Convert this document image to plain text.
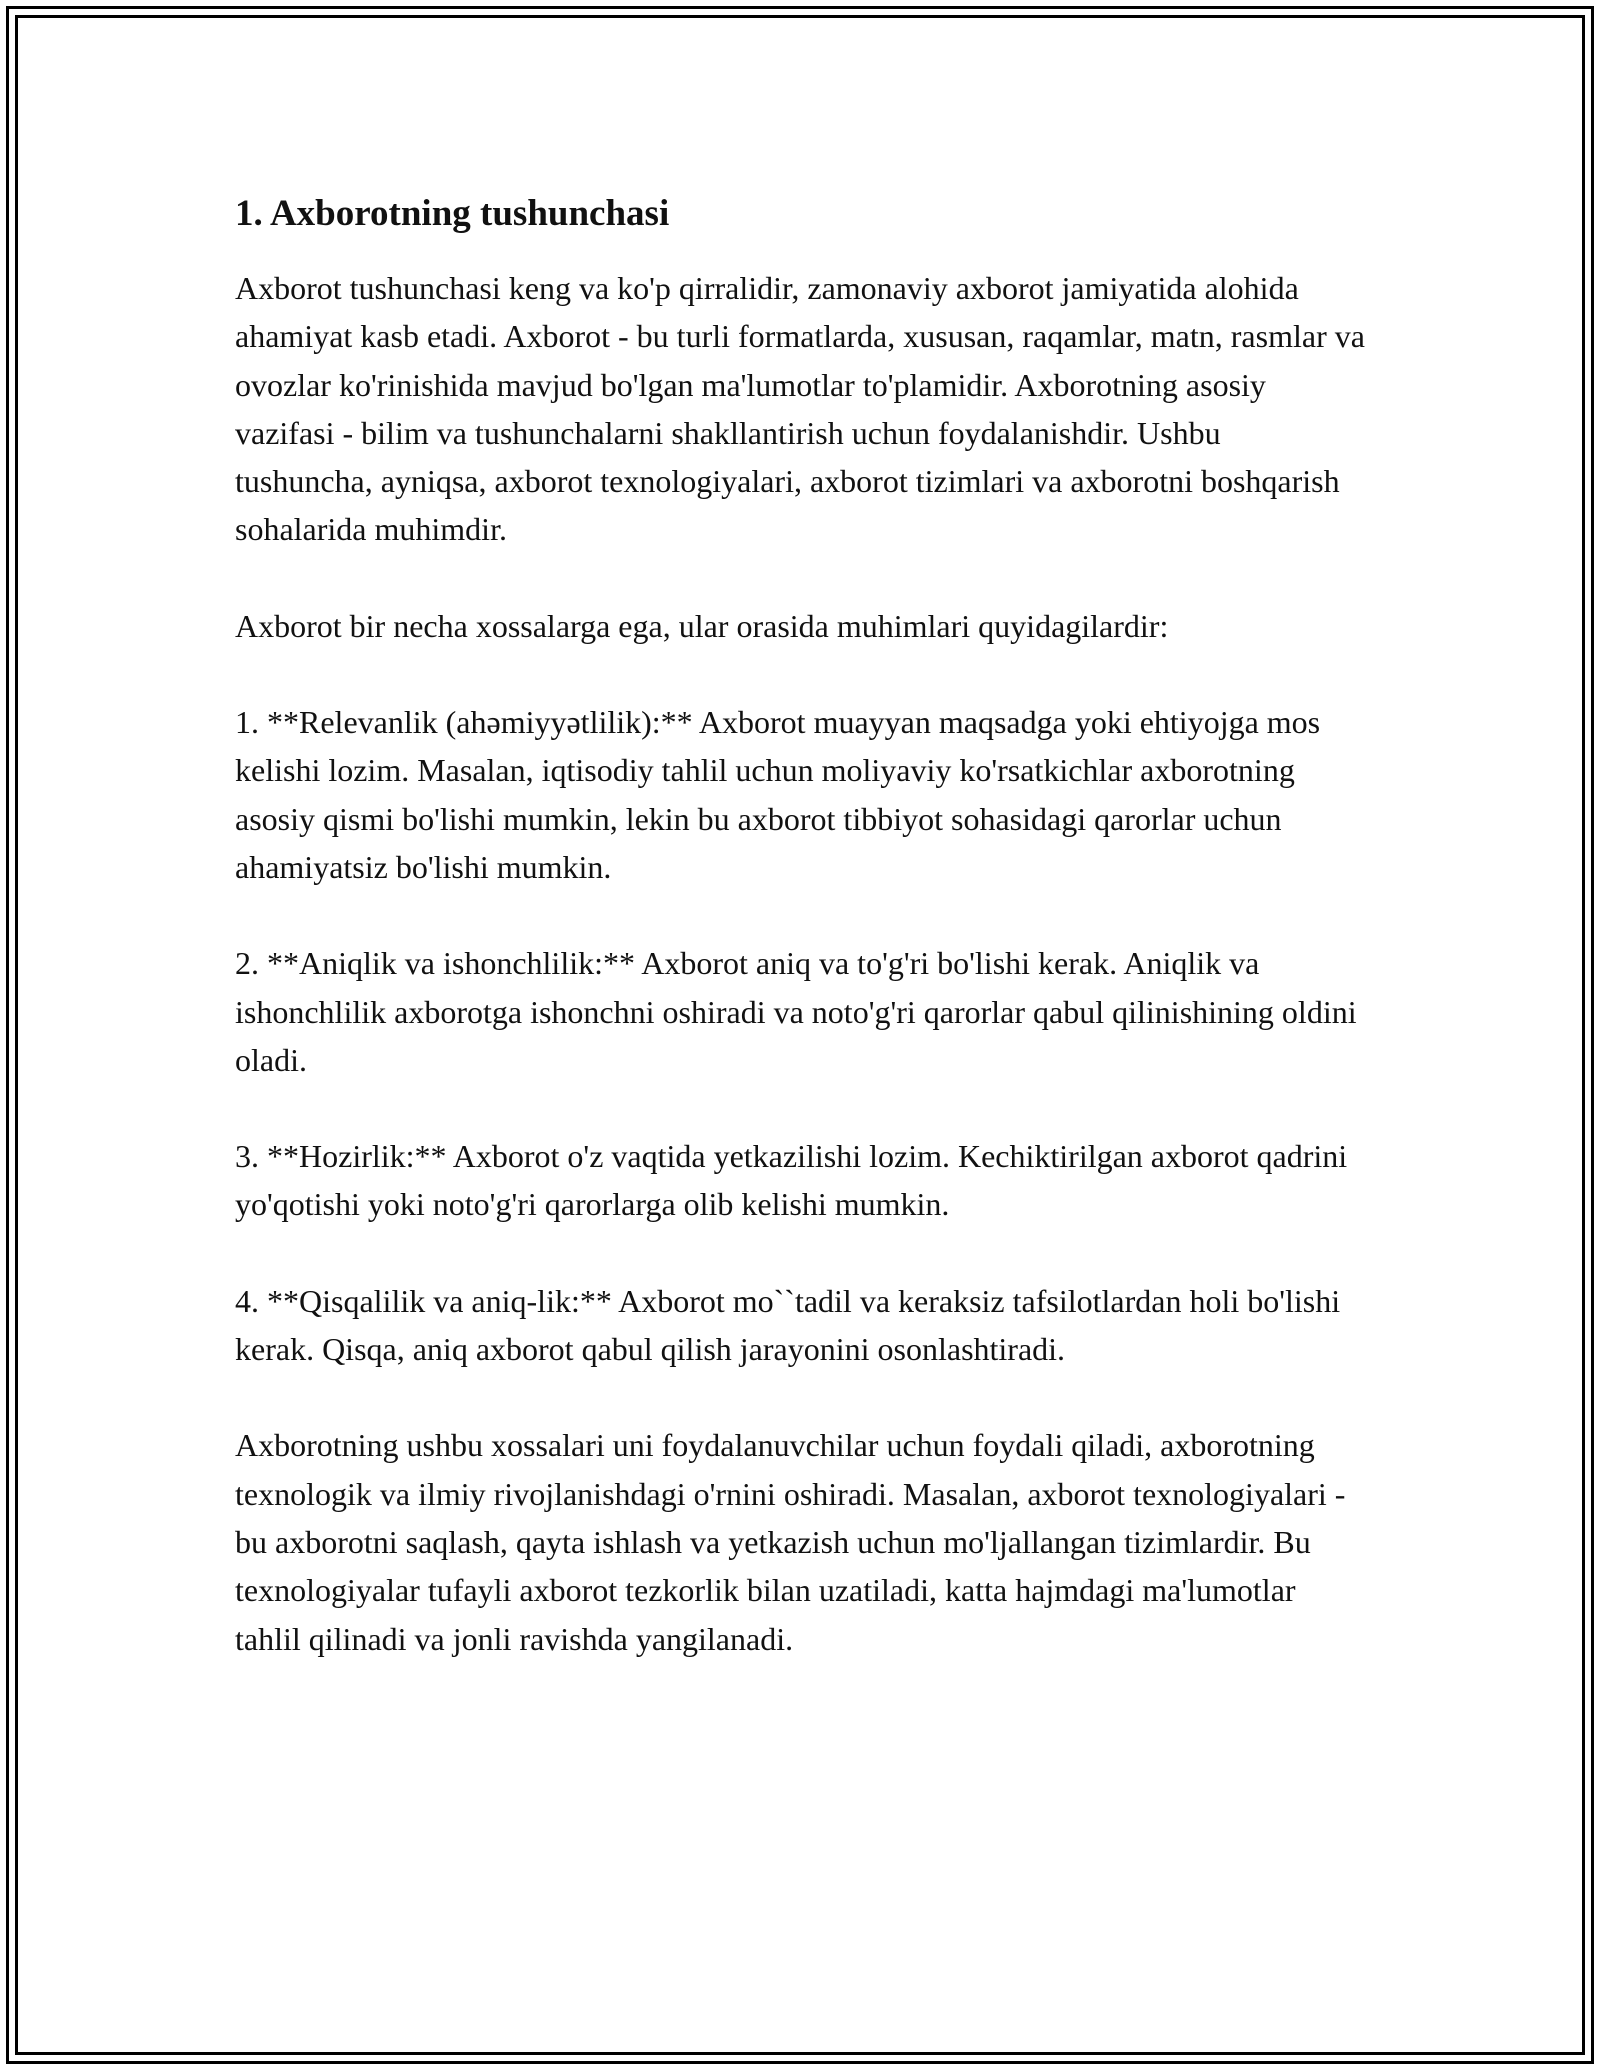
1. Axborotning tushunchasi

Axborot tushunchasi keng va ko'p qirralidir, zamonaviy axborot jamiyatida alohida ahamiyat kasb etadi. Axborot - bu turli formatlarda, xususan, raqamlar, matn, rasmlar va ovozlar ko'rinishida mavjud bo'lgan ma'lumotlar to'plamidir. Axborotning asosiy vazifasi - bilim va tushunchalarni shakllantirish uchun foydalanishdir. Ushbu tushuncha, ayniqsa, axborot texnologiyalari, axborot tizimlari va axborotni boshqarish sohalarida muhimdir.

Axborot bir necha xossalarga ega, ular orasida muhimlari quyidagilardir:

1. **Relevanlik (ahəmiyyətlilik):** Axborot muayyan maqsadga yoki ehtiyojga mos kelishi lozim. Masalan, iqtisodiy tahlil uchun moliyaviy ko'rsatkichlar axborotning asosiy qismi bo'lishi mumkin, lekin bu axborot tibbiyot sohasidagi qarorlar uchun ahamiyatsiz bo'lishi mumkin.

2. **Aniqlik va ishonchlilik:** Axborot aniq va to'g'ri bo'lishi kerak. Aniqlik va ishonchlilik axborotga ishonchni oshiradi va noto'g'ri qarorlar qabul qilinishining oldini oladi.

3. **Hozirlik:** Axborot o'z vaqtida yetkazilishi lozim. Kechiktirilgan axborot qadrini yo'qotishi yoki noto'g'ri qarorlarga olib kelishi mumkin.

4. **Qisqalilik va aniq-lik:** Axborot mo``tadil va keraksiz tafsilotlardan holi bo'lishi kerak. Qisqa, aniq axborot qabul qilish jarayonini osonlashtiradi.

Axborotning ushbu xossalari uni foydalanuvchilar uchun foydali qiladi, axborotning texnologik va ilmiy rivojlanishdagi o'rnini oshiradi. Masalan, axborot texnologiyalari - bu axborotni saqlash, qayta ishlash va yetkazish uchun mo'ljallangan tizimlardir. Bu texnologiyalar tufayli axborot tezkorlik bilan uzatiladi, katta hajmdagi ma'lumotlar tahlil qilinadi va jonli ravishda yangilanadi.
